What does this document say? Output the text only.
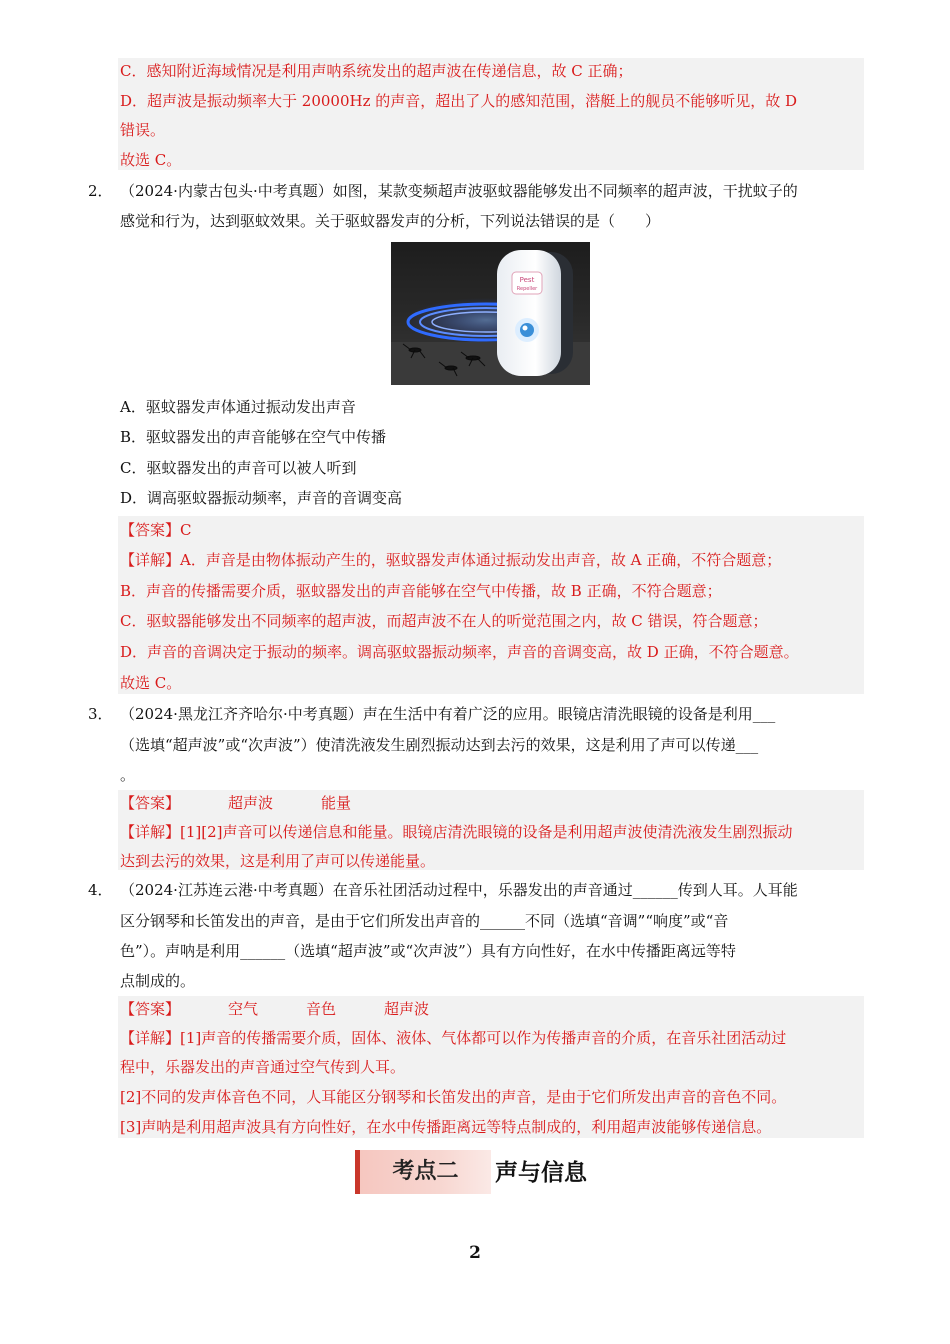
C．感知附近海域情况是利用声呐系统发出的超声波在传递信息，故 C 正确；
D．超声波是振动频率大于 20000Hz 的声音，超出了人的感知范围，潜艇上的舰员不能够听见，故 D
错误。
故选 C。
2． （2024·内蒙古包头·中考真题）如图，某款变频超声波驱蚊器能够发出不同频率的超声波，干扰蚊子的
感觉和行为，达到驱蚊效果。关于驱蚊器发声的分析，下列说法错误的是（　　）
Pest
Repeller
A．驱蚊器发声体通过振动发出声音
B．驱蚊器发出的声音能够在空气中传播
C．驱蚊器发出的声音可以被人听到
D．调高驱蚊器振动频率，声音的音调变高
【答案】C
【详解】A．声音是由物体振动产生的，驱蚊器发声体通过振动发出声音，故 A 正确，不符合题意；
B．声音的传播需要介质，驱蚊器发出的声音能够在空气中传播，故 B 正确，不符合题意；
C．驱蚊器能够发出不同频率的超声波，而超声波不在人的听觉范围之内，故 C 错误，符合题意；
D．声音的音调决定于振动的频率。调高驱蚊器振动频率，声音的音调变高，故 D 正确，不符合题意。
故选 C。
3． （2024·黑龙江齐齐哈尔·中考真题）声在生活中有着广泛的应用。眼镜店清洗眼镜的设备是利用___
（选填“超声波”或“次声波”）使清洗液发生剧烈振动达到去污的效果，这是利用了声可以传递___
。
【答案】	超声波	能量
【详解】[1][2]声音可以传递信息和能量。眼镜店清洗眼镜的设备是利用超声波使清洗液发生剧烈振动
达到去污的效果，这是利用了声可以传递能量。
4． （2024·江苏连云港·中考真题）在音乐社团活动过程中，乐器发出的声音通过______传到人耳。人耳能
区分钢琴和长笛发出的声音，是由于它们所发出声音的______不同（选填“音调”“响度”或“音
色”）。声呐是利用______（选填“超声波”或“次声波”）具有方向性好，在水中传播距离远等特
点制成的。
【答案】	空气	音色	超声波
【详解】[1]声音的传播需要介质，固体、液体、气体都可以作为传播声音的介质，在音乐社团活动过
程中，乐器发出的声音通过空气传到人耳。
[2]不同的发声体音色不同，人耳能区分钢琴和长笛发出的声音，是由于它们所发出声音的音色不同。
[3]声呐是利用超声波具有方向性好，在水中传播距离远等特点制成的，利用超声波能够传递信息。
考点二	声与信息
2
